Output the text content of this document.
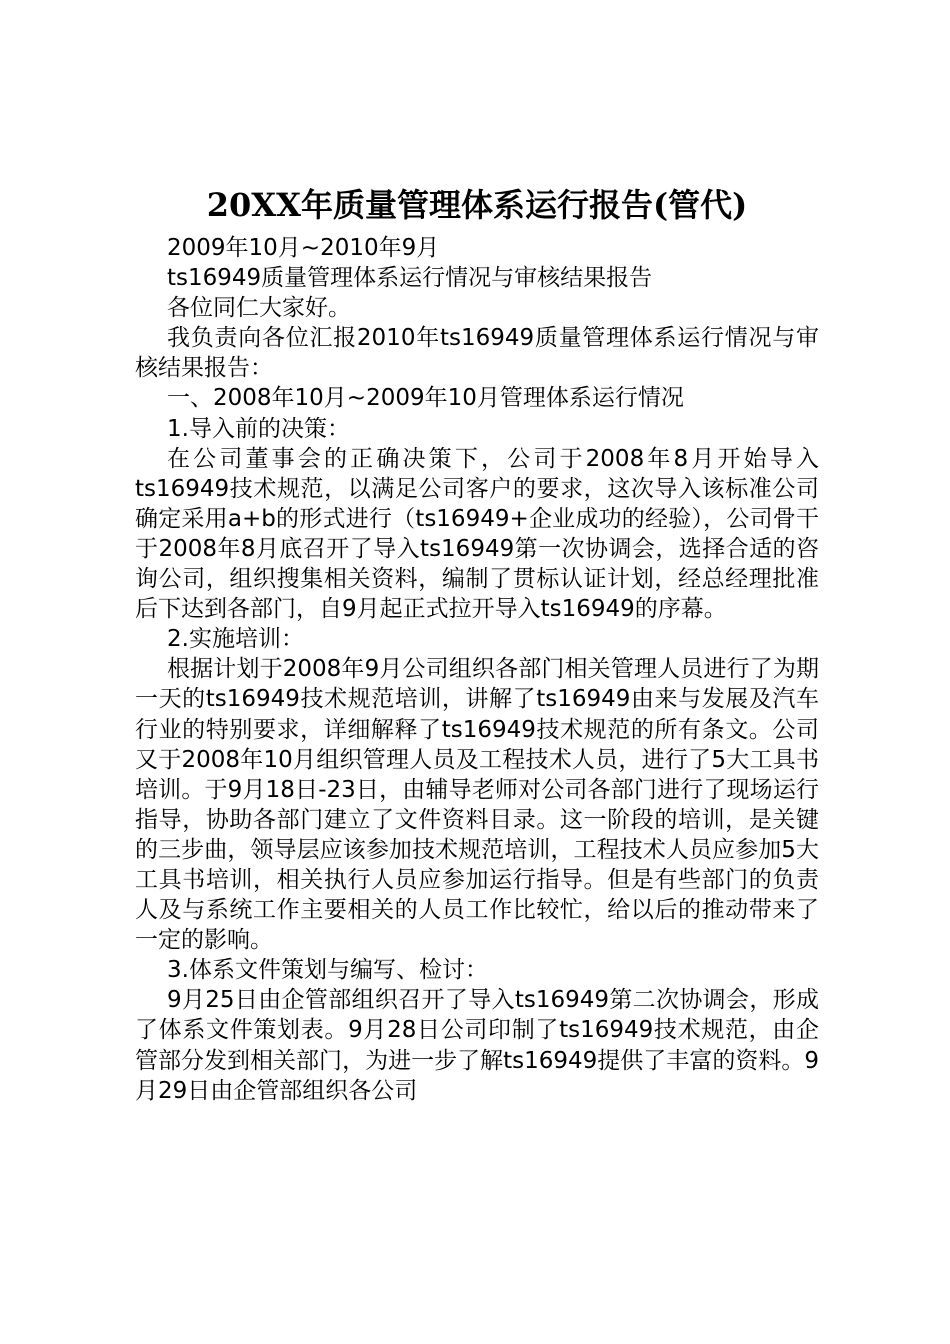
20XX年质量管理体系运行报告(管代)

2009年10月~2010年9月

ts16949质量管理体系运行情况与审核结果报告

各位同仁大家好。

我负责向各位汇报2010年ts16949质量管理体系运行情况与审核结果报告：

一、2008年10月~2009年10月管理体系运行情况

1.导入前的决策：

在公司董事会的正确决策下，公司于2008年8月开始导入ts16949技术规范，以满足公司客户的要求，这次导入该标准公司确定采用a+b的形式进行（ts16949+企业成功的经验），公司骨干于2008年8月底召开了导入ts16949第一次协调会，选择合适的咨询公司，组织搜集相关资料，编制了贯标认证计划，经总经理批准后下达到各部门，自9月起正式拉开导入ts16949的序幕。

2.实施培训：

根据计划于2008年9月公司组织各部门相关管理人员进行了为期一天的ts16949技术规范培训，讲解了ts16949由来与发展及汽车行业的特别要求，详细解释了ts16949技术规范的所有条文。公司又于2008年10月组织管理人员及工程技术人员，进行了5大工具书培训。于9月18日-23日，由辅导老师对公司各部门进行了现场运行指导，协助各部门建立了文件资料目录。这一阶段的培训，是关键的三步曲，领导层应该参加技术规范培训，工程技术人员应参加5大工具书培训，相关执行人员应参加运行指导。但是有些部门的负责人及与系统工作主要相关的人员工作比较忙，给以后的推动带来了一定的影响。

3.体系文件策划与编写、检讨：

9月25日由企管部组织召开了导入ts16949第二次协调会，形成了体系文件策划表。9月28日公司印制了ts16949技术规范，由企管部分发到相关部门，为进一步了解ts16949提供了丰富的资料。9月29日由企管部组织各公司
